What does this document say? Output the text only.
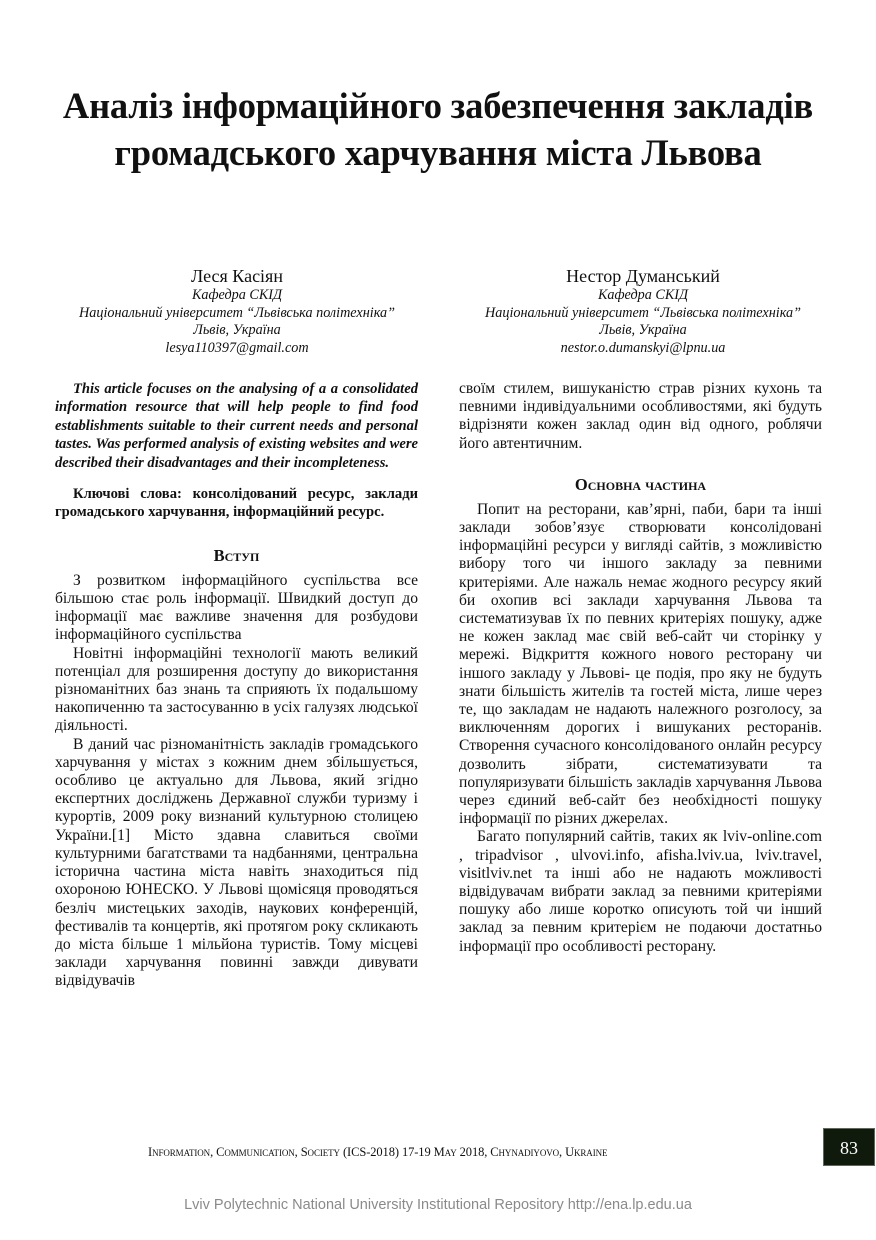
Аналіз інформаційного забезпечення закладів громадського харчування міста Львова
Леся Касіян
Кафедра СКІД
Національний університет “Львівська політехніка”
Львів, Україна
lesya110397@gmail.com
Нестор Думанський
Кафедра СКІД
Національний університет “Львівська політехніка”
Львів, Україна
nestor.o.dumanskyi@lpnu.ua

This article focuses on the analysing of a a consolidated information resource that will help people to find food establishments suitable to their current needs and personal tastes. Was performed analysis of existing websites and were described their disadvantages and their incompleteness.

Ключові слова: консолідований ресурс, заклади громадського харчування, інформаційний ресурс.

Вступ

З розвитком інформаційного суспільства все більшою стає роль інформації. Швидкий доступ до інформації має важливе значення для розбудови інформаційного суспільства

Новітні інформаційні технології мають великий потенціал для розширення доступу до використання різноманітних баз знань та сприяють їх подальшому накопиченню та застосуванню в усіх галузях людської діяльності.

В даний час різноманітність закладів громадського харчування у містах з кожним днем збільшується, особливо це актуально для Львова, який згідно експертних досліджень Державної служби туризму і курортів, 2009 року визнаний культурною столицею України.[1] Місто здавна славиться своїми культурними багатствами та надбаннями, центральна історична частина міста навіть знаходиться під охороною ЮНЕСКО. У Львові щомісяця проводяться безліч мистецьких заходів, наукових конференцій, фестивалів та концертів, які протягом року скликають до міста більше 1 мільйона туристів. Тому місцеві заклади харчування повинні завжди дивувати відвідувачів

своїм стилем, вишуканістю страв різних кухонь та певними індивідуальними особливостями, які будуть відрізняти кожен заклад один від одного, роблячи його автентичним.

Основна частина

Попит на ресторани, кав’ярні, паби, бари та інші заклади зобов’язує створювати консолідовані інформаційні ресурси у вигляді сайтів, з можливістю вибору того чи іншого закладу за певними критеріями. Але нажаль немає жодного ресурсу який би охопив всі заклади харчування Львова та систематизував їх по певних критеріях пошуку, адже не кожен заклад має свій веб-сайт чи сторінку у мережі. Відкриття кожного нового ресторану чи іншого закладу у Львові- це подія, про яку не будуть знати більшість жителів та гостей міста, лише через те, що закладам не надають належного розголосу, за виключенням дорогих і вишуканих ресторанів. Створення сучасного консолідованого онлайн ресурсу дозволить зібрати, систематизувати та популяризувати більшість закладів харчування Львова через єдиний веб-сайт без необхідності пошуку інформації по різних джерелах.

Багато популярний сайтів, таких як lviv-online.com , tripadvisor , ulvovi.info, afisha.lviv.ua, lviv.travel, visitlviv.net та інші або не надають можливості відвідувачам вибрати заклад за певними критеріями пошуку або лише коротко описують той чи інший заклад за певним критерієм не подаючи достатньо інформації про особливості ресторану.

Information, Communication, Society (ICS-2018) 17-19 May 2018, Chynadiyovo, Ukraine	83
Lviv Polytechnic National University Institutional Repository http://ena.lp.edu.ua
